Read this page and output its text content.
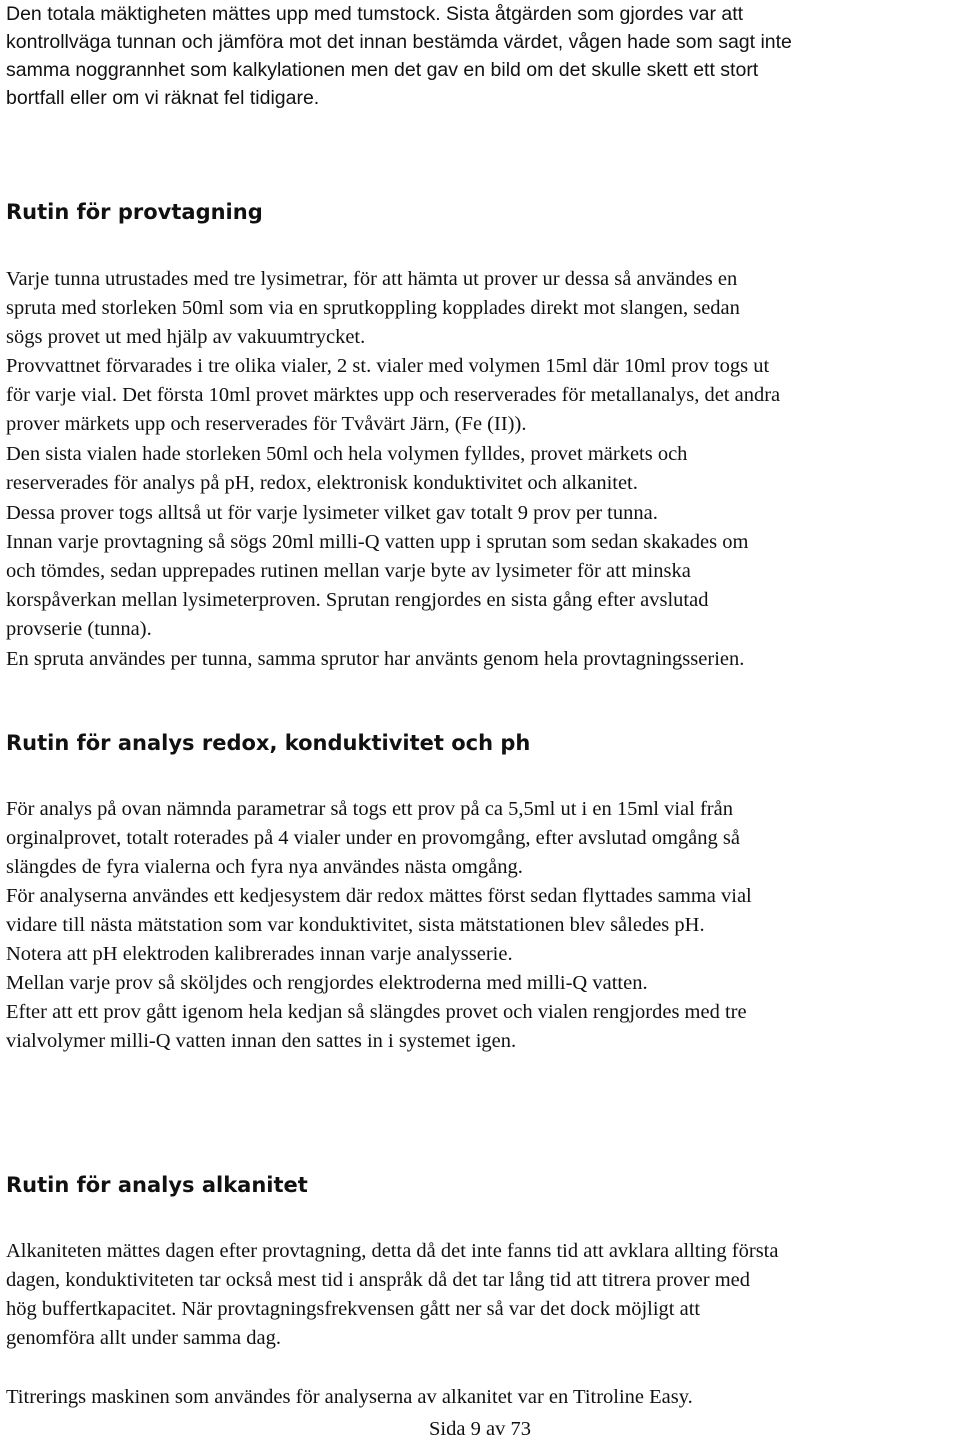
Den totala mäktigheten mättes upp med tumstock. Sista åtgärden som gjordes var att
kontrollväga tunnan och jämföra mot det innan bestämda värdet, vågen hade som sagt inte
samma noggrannhet som kalkylationen men det gav en bild om det skulle skett ett stort
bortfall eller om vi räknat fel tidigare.
Rutin för provtagning
Varje tunna utrustades med tre lysimetrar, för att hämta ut prover ur dessa så användes en
spruta med storleken 50ml som via en sprutkoppling kopplades direkt mot slangen, sedan
sögs provet ut med hjälp av vakuumtrycket.
Provvattnet förvarades i tre olika vialer, 2 st. vialer med volymen 15ml där 10ml prov togs ut
för varje vial. Det första 10ml provet märktes upp och reserverades för metallanalys, det andra
prover märkets upp och reserverades för Tvåvärt Järn, (Fe (II)).
Den sista vialen hade storleken 50ml och hela volymen fylldes, provet märkets och
reserverades för analys på pH, redox, elektronisk konduktivitet och alkanitet.
Dessa prover togs alltså ut för varje lysimeter vilket gav totalt 9 prov per tunna.
Innan varje provtagning så sögs 20ml milli-Q vatten upp i sprutan som sedan skakades om
och tömdes, sedan upprepades rutinen mellan varje byte av lysimeter för att minska
korspåverkan mellan lysimeterproven. Sprutan rengjordes en sista gång efter avslutad
provserie (tunna).
En spruta användes per tunna, samma sprutor har använts genom hela provtagningsserien.
Rutin för analys redox, konduktivitet och ph
För analys på ovan nämnda parametrar så togs ett prov på ca 5,5ml ut i en 15ml vial från
orginalprovet, totalt roterades på 4 vialer under en provomgång, efter avslutad omgång så
slängdes de fyra vialerna och fyra nya användes nästa omgång.
För analyserna användes ett kedjesystem där redox mättes först sedan flyttades samma vial
vidare till nästa mätstation som var konduktivitet, sista mätstationen blev således pH.
Notera att pH elektroden kalibrerades innan varje analysserie.
Mellan varje prov så sköljdes och rengjordes elektroderna med milli-Q vatten.
Efter att ett prov gått igenom hela kedjan så slängdes provet och vialen rengjordes med tre
vialvolymer milli-Q vatten innan den sattes in i systemet igen.
Rutin för analys alkanitet
Alkaniteten mättes dagen efter provtagning, detta då det inte fanns tid att avklara allting första
dagen, konduktiviteten tar också mest tid i anspråk då det tar lång tid att titrera prover med
hög buffertkapacitet. När provtagningsfrekvensen gått ner så var det dock möjligt att
genomföra allt under samma dag.
Titrerings maskinen som användes för analyserna av alkanitet var en Titroline Easy.
Sida 9 av 73
